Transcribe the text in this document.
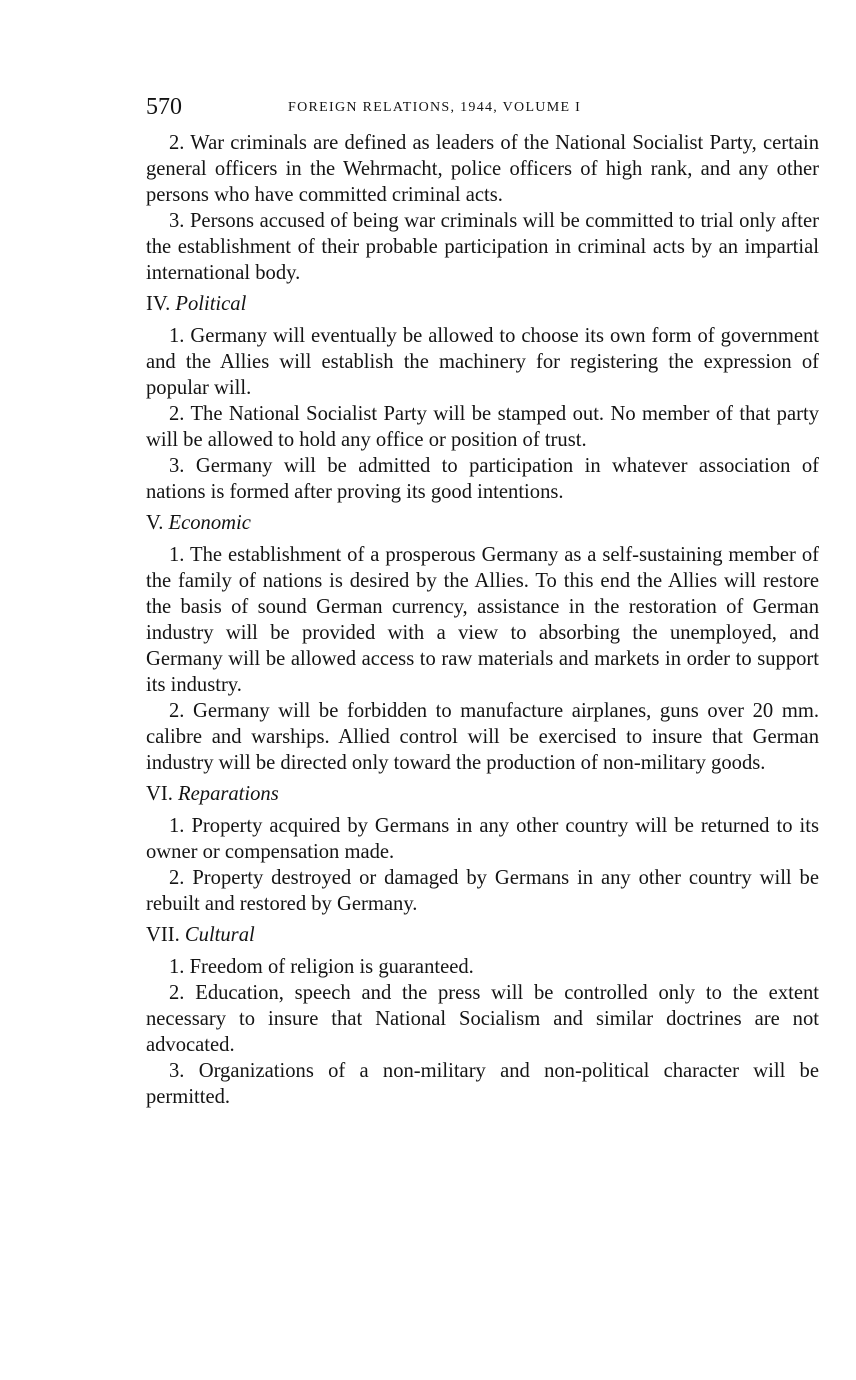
570	FOREIGN RELATIONS, 1944, VOLUME I

2. War criminals are defined as leaders of the National Socialist Party, certain general officers in the Wehrmacht, police officers of high rank, and any other persons who have committed criminal acts.

3. Persons accused of being war criminals will be committed to trial only after the establishment of their probable participation in criminal acts by an impartial international body.

IV. Political

1. Germany will eventually be allowed to choose its own form of government and the Allies will establish the machinery for registering the expression of popular will.

2. The National Socialist Party will be stamped out. No member of that party will be allowed to hold any office or position of trust.

3. Germany will be admitted to participation in whatever association of nations is formed after proving its good intentions.

V. Economic

1. The establishment of a prosperous Germany as a self-sustaining member of the family of nations is desired by the Allies. To this end the Allies will restore the basis of sound German currency, assistance in the restoration of German industry will be provided with a view to absorbing the unemployed, and Germany will be allowed access to raw materials and markets in order to support its industry.

2. Germany will be forbidden to manufacture airplanes, guns over 20 mm. calibre and warships. Allied control will be exercised to insure that German industry will be directed only toward the production of non-military goods.

VI. Reparations

1. Property acquired by Germans in any other country will be returned to its owner or compensation made.

2. Property destroyed or damaged by Germans in any other country will be rebuilt and restored by Germany.

VII. Cultural

1. Freedom of religion is guaranteed.

2. Education, speech and the press will be controlled only to the extent necessary to insure that National Socialism and similar doctrines are not advocated.

3. Organizations of a non-military and non-political character will be permitted.
